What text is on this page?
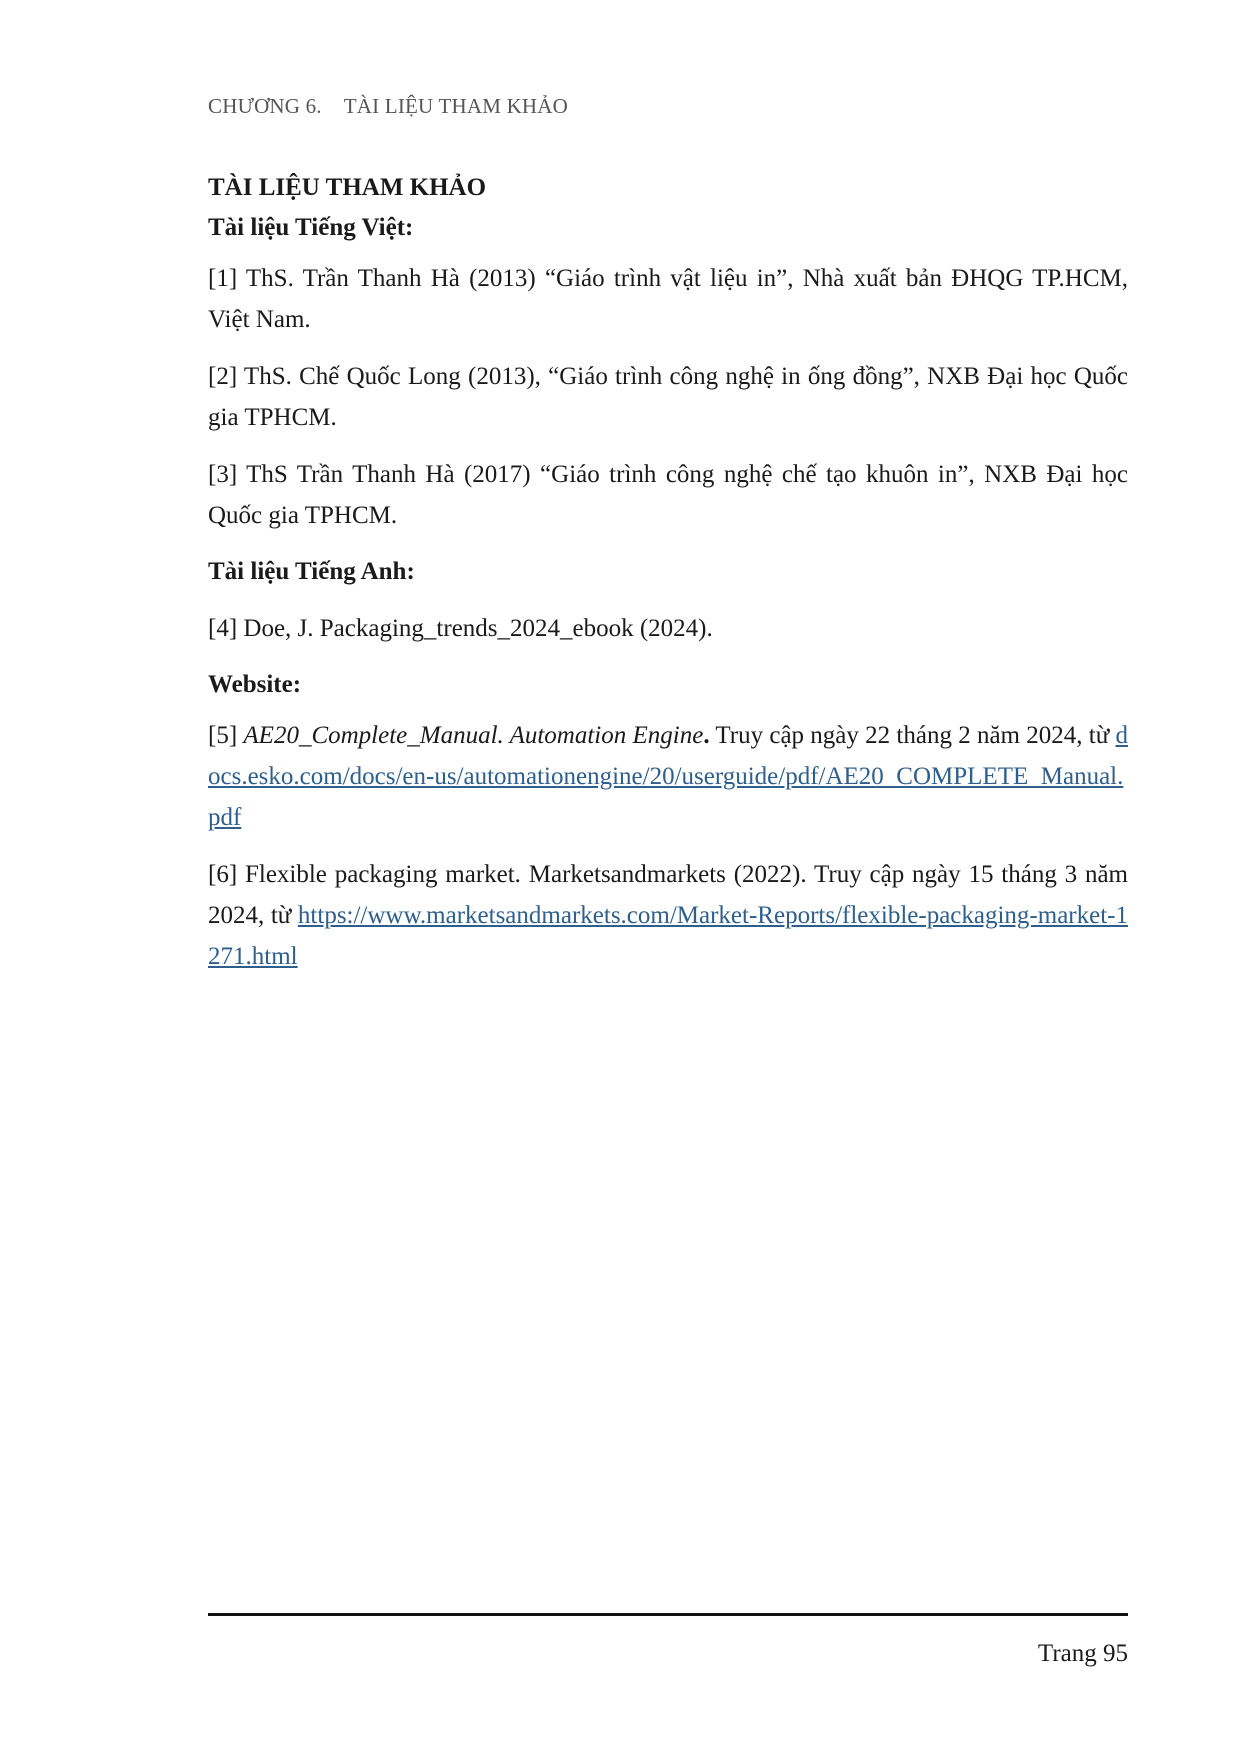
CHƯƠNG 6. TÀI LIỆU THAM KHẢO

TÀI LIỆU THAM KHẢO

Tài liệu Tiếng Việt:

[1] ThS. Trần Thanh Hà (2013) “Giáo trình vật liệu in”, Nhà xuất bản ĐHQG TP.HCM, Việt Nam.

[2] ThS. Chế Quốc Long (2013), “Giáo trình công nghệ in ống đồng”, NXB Đại học Quốc gia TPHCM.

[3] ThS Trần Thanh Hà (2017) “Giáo trình công nghệ chế tạo khuôn in”, NXB Đại học Quốc gia TPHCM.

Tài liệu Tiếng Anh:

[4] Doe, J. Packaging_trends_2024_ebook (2024).

Website:

[5] AE20_Complete_Manual. Automation Engine. Truy cập ngày 22 tháng 2 năm 2024, từ docs.esko.com/docs/en-us/automationengine/20/userguide/pdf/AE20_COMPLETE_Manual.pdf

[6] Flexible packaging market. Marketsandmarkets (2022). Truy cập ngày 15 tháng 3 năm 2024, từ https://www.marketsandmarkets.com/Market-Reports/flexible-packaging-market-1271.html

Trang 95
